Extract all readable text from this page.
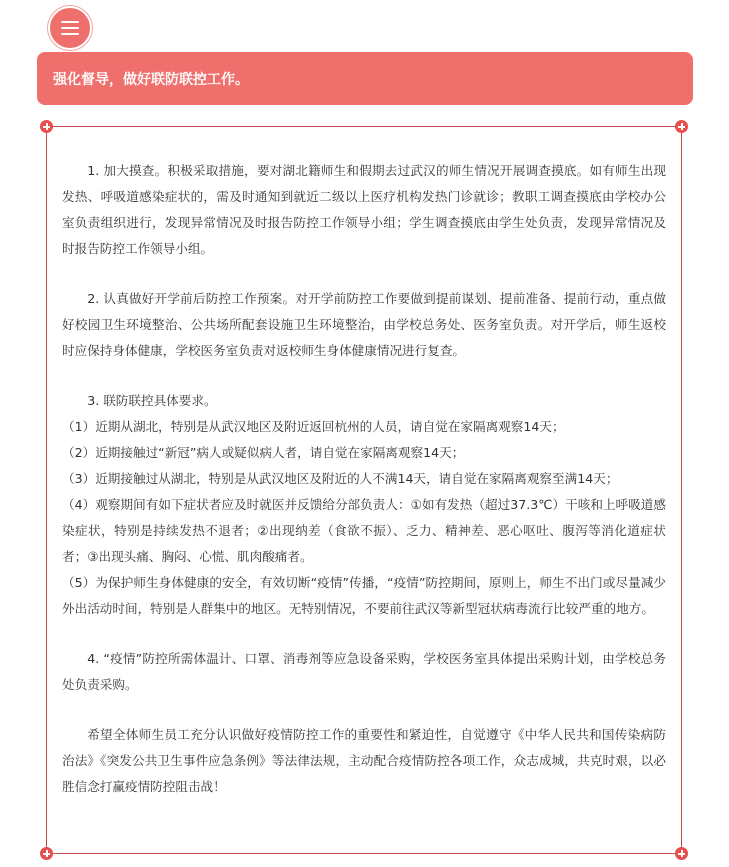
强化督导，做好联防联控工作。

1. 加大摸查。积极采取措施，要对湖北籍师生和假期去过武汉的师生情况开展调查摸底。如有师生出现发热、呼吸道感染症状的，需及时通知到就近二级以上医疗机构发热门诊就诊；教职工调查摸底由学校办公室负责组织进行，发现异常情况及时报告防控工作领导小组；学生调查摸底由学生处负责，发现异常情况及时报告防控工作领导小组。

2. 认真做好开学前后防控工作预案。对开学前防控工作要做到提前谋划、提前准备、提前行动，重点做好校园卫生环境整治、公共场所配套设施卫生环境整治，由学校总务处、医务室负责。对开学后，师生返校时应保持身体健康，学校医务室负责对返校师生身体健康情况进行复查。

3. 联防联控具体要求。

（1）近期从湖北，特别是从武汉地区及附近返回杭州的人员，请自觉在家隔离观察14天；

（2）近期接触过“新冠”病人或疑似病人者，请自觉在家隔离观察14天；

（3）近期接触过从湖北，特别是从武汉地区及附近的人不满14天，请自觉在家隔离观察至满14天；

（4）观察期间有如下症状者应及时就医并反馈给分部负责人：①如有发热（超过37.3℃）干咳和上呼吸道感染症状，特别是持续发热不退者；②出现纳差（食欲不振）、乏力、精神差、恶心呕吐、腹泻等消化道症状者；③出现头痛、胸闷、心慌、肌肉酸痛者。

（5）为保护师生身体健康的安全，有效切断“疫情”传播，“疫情”防控期间，原则上，师生不出门或尽量减少外出活动时间，特别是人群集中的地区。无特别情况，不要前往武汉等新型冠状病毒流行比较严重的地方。

4. “疫情”防控所需体温计、口罩、消毒剂等应急设备采购，学校医务室具体提出采购计划，由学校总务处负责采购。

希望全体师生员工充分认识做好疫情防控工作的重要性和紧迫性，自觉遵守《中华人民共和国传染病防治法》《突发公共卫生事件应急条例》等法律法规，主动配合疫情防控各项工作，众志成城，共克时艰，以必胜信念打赢疫情防控阻击战！
